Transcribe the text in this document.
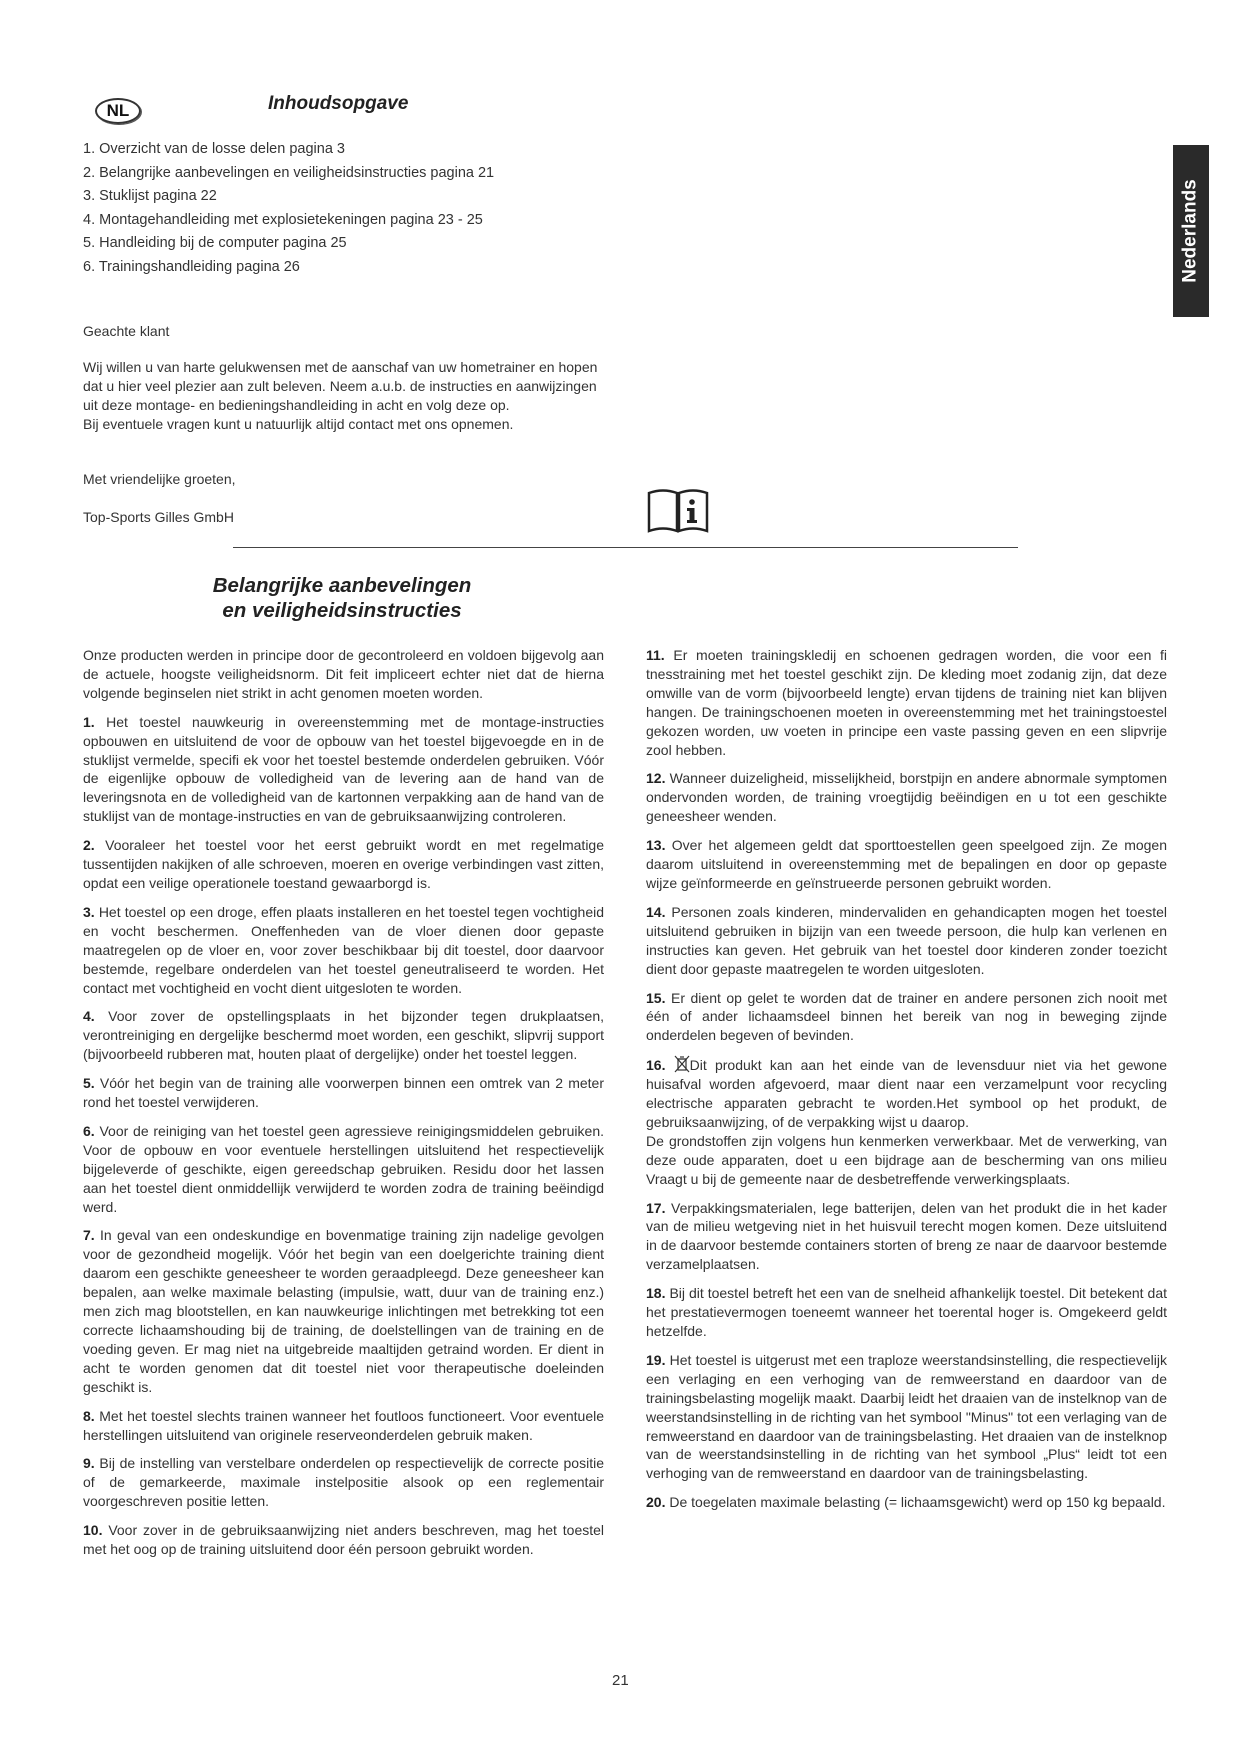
NL	Inhoudsopgave
1. Overzicht van de losse delen pagina 3
2. Belangrijke aanbevelingen en veiligheidsinstructies pagina 21
3. Stuklijst pagina 22
4. Montagehandleiding met explosietekeningen pagina 23 - 25
5. Handleiding bij de computer pagina 25
6. Trainingshandleiding pagina 26	Nederlands
Geachte klant
Wij willen u van harte gelukwensen met de aanschaf van uw hometrainer en hopen dat u hier veel plezier aan zult beleven. Neem a.u.b. de instructies en aanwijzingen uit deze montage- en bedieningshandleiding in acht en volg deze op.
Bij eventuele vragen kunt u natuurlijk altijd contact met ons opnemen.
Met vriendelijke groeten,
Top-Sports Gilles GmbH
Belangrijke aanbevelingen
en veiligheidsinstructies

Onze producten werden in principe door de gecontroleerd en voldoen bijgevolg aan de actuele, hoogste veiligheidsnorm. Dit feit impliceert echter niet dat de hierna volgende beginselen niet strikt in acht genomen moeten worden.

1. Het toestel nauwkeurig in overeenstemming met de montage-instructies opbouwen en uitsluitend de voor de opbouw van het toestel bijgevoegde en in de stuklijst vermelde, specifi ek voor het toestel bestemde onderdelen gebruiken. Vóór de eigenlijke opbouw de volledigheid van de levering aan de hand van de leveringsnota en de volledigheid van de kartonnen verpakking aan de hand van de stuklijst van de montage-instructies en van de gebruiksaanwijzing controleren.

2. Vooraleer het toestel voor het eerst gebruikt wordt en met regelmatige tussentijden nakijken of alle schroeven, moeren en overige verbindingen vast zitten, opdat een veilige operationele toestand gewaarborgd is.

3. Het toestel op een droge, effen plaats installeren en het toestel tegen vochtigheid en vocht beschermen. Oneffenheden van de vloer dienen door gepaste maatregelen op de vloer en, voor zover beschikbaar bij dit toestel, door daarvoor bestemde, regelbare onderdelen van het toestel geneutraliseerd te worden. Het contact met vochtigheid en vocht dient uitgesloten te worden.

4. Voor zover de opstellingsplaats in het bijzonder tegen drukplaatsen, verontreiniging en dergelijke beschermd moet worden, een geschikt, slipvrij support (bijvoorbeeld rubberen mat, houten plaat of dergelijke) onder het toestel leggen.

5. Vóór het begin van de training alle voorwerpen binnen een omtrek van 2 meter rond het toestel verwijderen.

6. Voor de reiniging van het toestel geen agressieve reinigingsmiddelen gebruiken. Voor de opbouw en voor eventuele herstellingen uitsluitend het respectievelijk bijgeleverde of geschikte, eigen gereedschap gebruiken. Residu door het lassen aan het toestel dient onmiddellijk verwijderd te worden zodra de training beëindigd werd.

7. In geval van een ondeskundige en bovenmatige training zijn nadelige gevolgen voor de gezondheid mogelijk. Vóór het begin van een doelgerichte training dient daarom een geschikte geneesheer te worden geraadpleegd. Deze geneesheer kan bepalen, aan welke maximale belasting (impulsie, watt, duur van de training enz.) men zich mag blootstellen, en kan nauwkeurige inlichtingen met betrekking tot een correcte lichaamshouding bij de training, de doelstellingen van de training en de voeding geven. Er mag niet na uitgebreide maaltijden getraind worden. Er dient in acht te worden genomen dat dit toestel niet voor therapeutische doeleinden geschikt is.

8. Met het toestel slechts trainen wanneer het foutloos functioneert. Voor eventuele herstellingen uitsluitend van originele reserveonderdelen gebruik maken.

9. Bij de instelling van verstelbare onderdelen op respectievelijk de correcte positie of de gemarkeerde, maximale instelpositie alsook op een reglementair voorgeschreven positie letten.

10. Voor zover in de gebruiksaanwijzing niet anders beschreven, mag het toestel met het oog op de training uitsluitend door één persoon gebruikt worden.

11. Er moeten trainingskledij en schoenen gedragen worden, die voor een fi tnesstraining met het toestel geschikt zijn. De kleding moet zodanig zijn, dat deze omwille van de vorm (bijvoorbeeld lengte) ervan tijdens de training niet kan blijven hangen. De trainingschoenen moeten in overeenstemming met het trainingstoestel gekozen worden, uw voeten in principe een vaste passing geven en een slipvrije zool hebben.

12. Wanneer duizeligheid, misselijkheid, borstpijn en andere abnormale symptomen ondervonden worden, de training vroegtijdig beëindigen en u tot een geschikte geneesheer wenden.

13. Over het algemeen geldt dat sporttoestellen geen speelgoed zijn. Ze mogen daarom uitsluitend in overeenstemming met de bepalingen en door op gepaste wijze geïnformeerde en geïnstrueerde personen gebruikt worden.

14. Personen zoals kinderen, mindervaliden en gehandicapten mogen het toestel uitsluitend gebruiken in bijzijn van een tweede persoon, die hulp kan verlenen en instructies kan geven. Het gebruik van het toestel door kinderen zonder toezicht dient door gepaste maatregelen te worden uitgesloten.

15. Er dient op gelet te worden dat de trainer en andere personen zich nooit met één of ander lichaamsdeel binnen het bereik van nog in beweging zijnde onderdelen begeven of bevinden.

16. Dit produkt kan aan het einde van de levensduur niet via het gewone huisafval worden afgevoerd, maar dient naar een verzamelpunt voor recycling electrische apparaten gebracht te worden.Het symbool op het produkt, de gebruiksaanwijzing, of de verpakking wijst u daarop.
De grondstoffen zijn volgens hun kenmerken verwerkbaar. Met de verwerking, van deze oude apparaten, doet u een bijdrage aan de bescherming van ons milieu Vraagt u bij de gemeente naar de desbetreffende verwerkingsplaats.

17. Verpakkingsmaterialen, lege batterijen, delen van het produkt die in het kader van de milieu wetgeving niet in het huisvuil terecht mogen komen. Deze uitsluitend in de daarvoor bestemde containers storten of breng ze naar de daarvoor bestemde verzamelplaatsen.

18. Bij dit toestel betreft het een van de snelheid afhankelijk toestel. Dit betekent dat het prestatievermogen toeneemt wanneer het toerental hoger is. Omgekeerd geldt hetzelfde.

19. Het toestel is uitgerust met een traploze weerstandsinstelling, die respectievelijk een verlaging en een verhoging van de remweerstand en daardoor van de trainingsbelasting mogelijk maakt. Daarbij leidt het draaien van de instelknop van de weerstandsinstelling in de richting van het symbool "Minus" tot een verlaging van de remweerstand en daardoor van de trainingsbelasting. Het draaien van de instelknop van de weerstandsinstelling in de richting van het symbool „Plus“ leidt tot een verhoging van de remweerstand en daardoor van de trainingsbelasting.

20. De toegelaten maximale belasting (= lichaamsgewicht) werd op 150 kg bepaald.

21
